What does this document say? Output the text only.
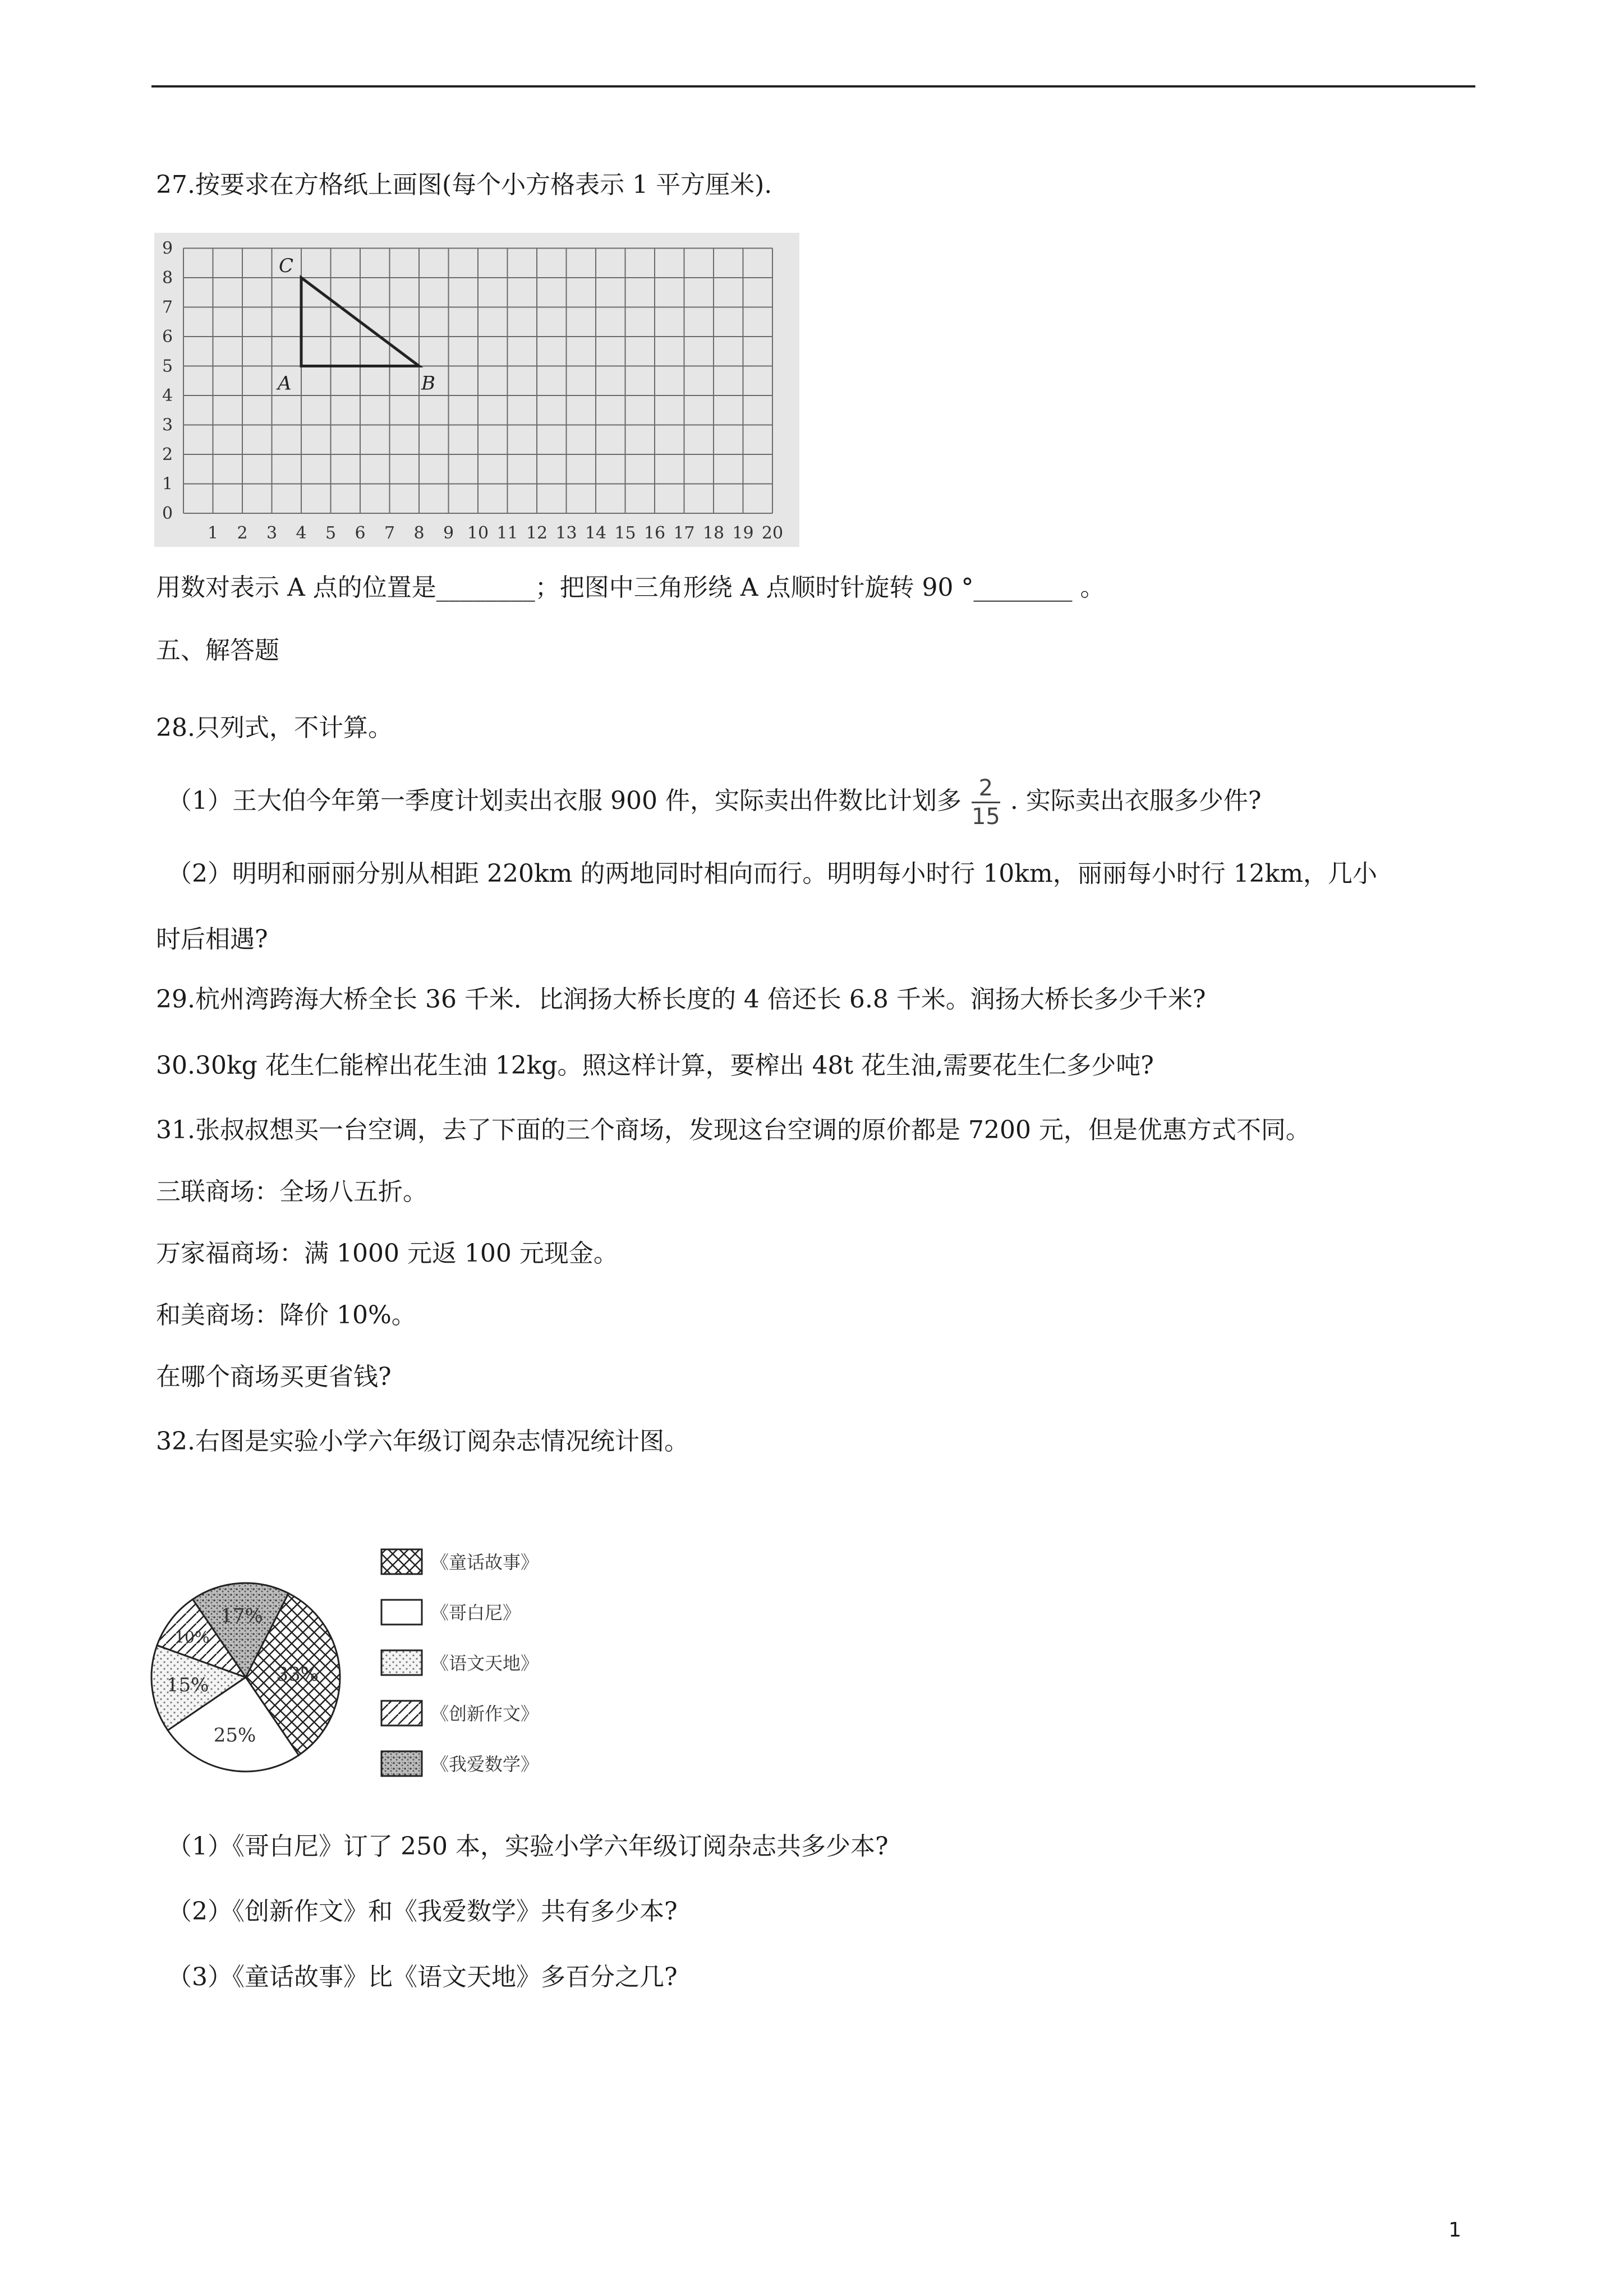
27.按要求在方格纸上画图(每个小方格表示 1 平方厘米).
0
1
2
3
4
5
6
7
8
9
1 2 3 4 5 6 7 8 9 10 11 12 13 14 15 16 17 18 19 20
A	B
C
用数对表示 A 点的位置是________；把图中三角形绕 A 点顺时针旋转 90 °________ 。
五、解答题
28.只列式，不计算。
（1）王大伯今年第一季度计划卖出衣服 900 件，实际卖出件数比计划多 $\frac{2}{15}$ . 实际卖出衣服多少件?
（2）明明和丽丽分别从相距 220km 的两地同时相向而行。明明每小时行 10km，丽丽每小时行 12km，几小
时后相遇?
29.杭州湾跨海大桥全长 36 千米．比润扬大桥长度的 4 倍还长 6.8 千米。润扬大桥长多少千米?
30.30kg 花生仁能榨出花生油 12kg。照这样计算，要榨出 48t 花生油,需要花生仁多少吨?
31.张叔叔想买一台空调，去了下面的三个商场，发现这台空调的原价都是 7200 元，但是优惠方式不同。
三联商场：全场八五折。
万家福商场：满 1000 元返 100 元现金。
和美商场：降价 10%。
在哪个商场买更省钱?
32.右图是实验小学六年级订阅杂志情况统计图。
33%
25%
15%
10%
17%
《童话故事》
《哥白尼》
《语文天地》
《创新作文》
《我爱数学》
（1）《哥白尼》订了 250 本，实验小学六年级订阅杂志共多少本?
（2）《创新作文》和《我爱数学》共有多少本?
（3）《童话故事》比《语文天地》多百分之几?
1
